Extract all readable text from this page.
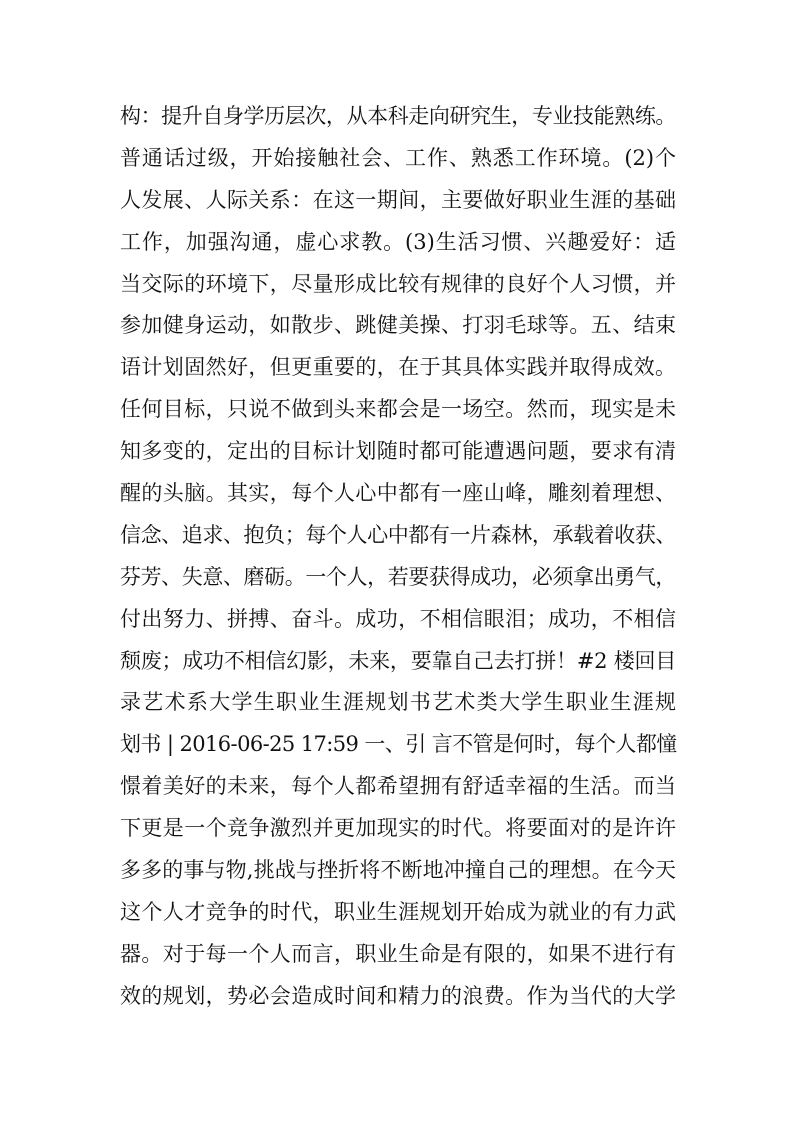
构：提升自身学历层次，从本科走向研究生，专业技能熟练。
普通话过级，开始接触社会、工作、熟悉工作环境。(2)个
人发展、人际关系：在这一期间，主要做好职业生涯的基础
工作，加强沟通，虚心求教。(3)生活习惯、兴趣爱好：适
当交际的环境下，尽量形成比较有规律的良好个人习惯，并
参加健身运动，如散步、跳健美操、打羽毛球等。五、结束
语计划固然好，但更重要的，在于其具体实践并取得成效。
任何目标，只说不做到头来都会是一场空。然而，现实是未
知多变的，定出的目标计划随时都可能遭遇问题，要求有清
醒的头脑。其实，每个人心中都有一座山峰，雕刻着理想、
信念、追求、抱负；每个人心中都有一片森林，承载着收获、
芬芳、失意、磨砺。一个人，若要获得成功，必须拿出勇气，
付出努力、拼搏、奋斗。成功，不相信眼泪；成功，不相信
颓废；成功不相信幻影，未来，要靠自己去打拼！#2 楼回目
录艺术系大学生职业生涯规划书艺术类大学生职业生涯规
划书 | 2016-06-25 17:59 一、引 言不管是何时，每个人都憧
憬着美好的未来，每个人都希望拥有舒适幸福的生活。而当
下更是一个竞争激烈并更加现实的时代。将要面对的是许许
多多的事与物,挑战与挫折将不断地冲撞自己的理想。在今天
这个人才竞争的时代，职业生涯规划开始成为就业的有力武
器。对于每一个人而言，职业生命是有限的，如果不进行有
效的规划，势必会造成时间和精力的浪费。作为当代的大学
